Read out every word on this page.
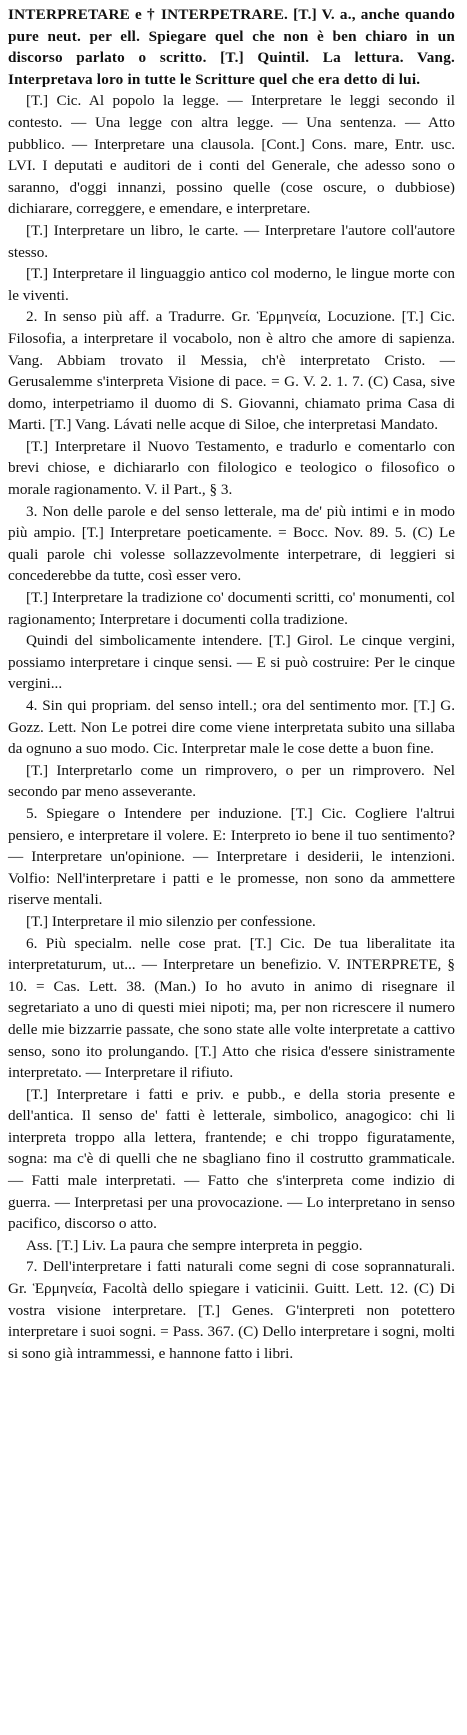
INTERPRETARE e † INTERPETRARE. [T.] V. a., anche quando pure neut. per ell. Spiegare quel che non è ben chiaro in un discorso parlato o scritto. [T.] Quintil. La lettura. Vang. Interpretava loro in tutte le Scritture quel che era detto di lui.

[T.] Cic. Al popolo la legge. — Interpretare le leggi secondo il contesto. — Una legge con altra legge. — Una sentenza. — Atto pubblico. — Interpretare una clausola. [Cont.] Cons. mare, Entr. usc. LVI. I deputati e auditori de i conti del Generale, che adesso sono o saranno, d'oggi innanzi, possino quelle (cose oscure, o dubbiose) dichiarare, correggere, e emendare, e interpretare.

[T.] Interpretare un libro, le carte. — Interpretare l'autore coll'autore stesso.

[T.] Interpretare il linguaggio antico col moderno, le lingue morte con le viventi.

2. In senso più aff. a Tradurre. Gr. Ἑρμηνεία, Locuzione. [T.] Cic. Filosofia, a interpretare il vocabolo, non è altro che amore di sapienza. Vang. Abbiam trovato il Messia, ch'è interpretato Cristo. — Gerusalemme s'interpreta Visione di pace. = G. V. 2. 1. 7. (C) Casa, sive domo, interpetriamo il duomo di S. Giovanni, chiamato prima Casa di Marti. [T.] Vang. Lávati nelle acque di Siloe, che interpretasi Mandato.

[T.] Interpretare il Nuovo Testamento, e tradurlo e comentarlo con brevi chiose, e dichiararlo con filologico e teologico o filosofico o morale ragionamento. V. il Part., § 3.

3. Non delle parole e del senso letterale, ma de' più intimi e in modo più ampio. [T.] Interpretare poeticamente. = Bocc. Nov. 89. 5. (C) Le quali parole chi volesse sollazzevolmente interpetrare, di leggieri si concederebbe da tutte, così esser vero.

[T.] Interpretare la tradizione co' documenti scritti, co' monumenti, col ragionamento; Interpretare i documenti colla tradizione.

Quindi del simbolicamente intendere. [T.] Girol. Le cinque vergini, possiamo interpretare i cinque sensi. — E si può costruire: Per le cinque vergini...

4. Sin qui propriam. del senso intell.; ora del sentimento mor. [T.] G. Gozz. Lett. Non Le potrei dire come viene interpretata subito una sillaba da ognuno a suo modo. Cic. Interpretar male le cose dette a buon fine.

[T.] Interpretarlo come un rimprovero, o per un rimprovero. Nel secondo par meno asseverante.

5. Spiegare o Intendere per induzione. [T.] Cic. Cogliere l'altrui pensiero, e interpretare il volere. E: Interpreto io bene il tuo sentimento? — Interpretare un'opinione. — Interpretare i desiderii, le intenzioni. Volfio: Nell'interpretare i patti e le promesse, non sono da ammettere riserve mentali.

[T.] Interpretare il mio silenzio per confessione.

6. Più specialm. nelle cose prat. [T.] Cic. De tua liberalitate ita interpretaturum, ut... — Interpretare un benefizio. V. INTERPRETE, § 10. = Cas. Lett. 38. (Man.) Io ho avuto in animo di risegnare il segretariato a uno di questi miei nipoti; ma, per non ricrescere il numero delle mie bizzarrie passate, che sono state alle volte interpretate a cattivo senso, sono ito prolungando. [T.] Atto che risica d'essere sinistramente interpretato. — Interpretare il rifiuto.

[T.] Interpretare i fatti e priv. e pubb., e della storia presente e dell'antica. Il senso de' fatti è letterale, simbolico, anagogico: chi li interpreta troppo alla lettera, frantende; e chi troppo figuratamente, sogna: ma c'è di quelli che ne sbagliano fino il costrutto grammaticale. — Fatti male interpretati. — Fatto che s'interpreta come indizio di guerra. — Interpretasi per una provocazione. — Lo interpretano in senso pacifico, discorso o atto.

Ass. [T.] Liv. La paura che sempre interpreta in peggio.

7. Dell'interpretare i fatti naturali come segni di cose soprannaturali. Gr. Ἑρμηνεία, Facoltà dello spiegare i vaticinii. Guitt. Lett. 12. (C) Di vostra visione interpretare. [T.] Genes. G'interpreti non potettero interpretare i suoi sogni. = Pass. 367. (C) Dello interpretare i sogni, molti si sono già intrammessi, e hannone fatto i libri.
